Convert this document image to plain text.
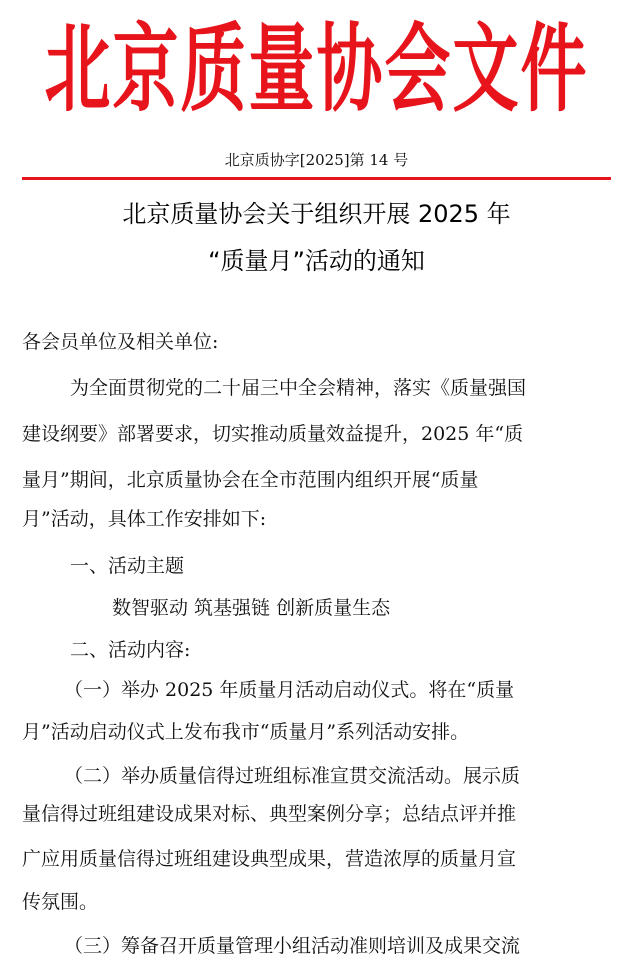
北京质量协会文件
北京质协字[2025]第 14 号
北京质量协会关于组织开展 2025 年
“质量月”活动的通知
各会员单位及相关单位:
为全面贯彻党的二十届三中全会精神，落实《质量强国
建设纲要》部署要求，切实推动质量效益提升，2025 年“质
量月”期间，北京质量协会在全市范围内组织开展“质量
月”活动，具体工作安排如下:
一、活动主题
数智驱动 筑基强链 创新质量生态
二、活动内容:
（一）举办 2025 年质量月活动启动仪式。将在“质量
月”活动启动仪式上发布我市“质量月”系列活动安排。
（二）举办质量信得过班组标准宣贯交流活动。展示质
量信得过班组建设成果对标、典型案例分享；总结点评并推
广应用质量信得过班组建设典型成果，营造浓厚的质量月宣
传氛围。
（三）筹备召开质量管理小组活动准则培训及成果交流
